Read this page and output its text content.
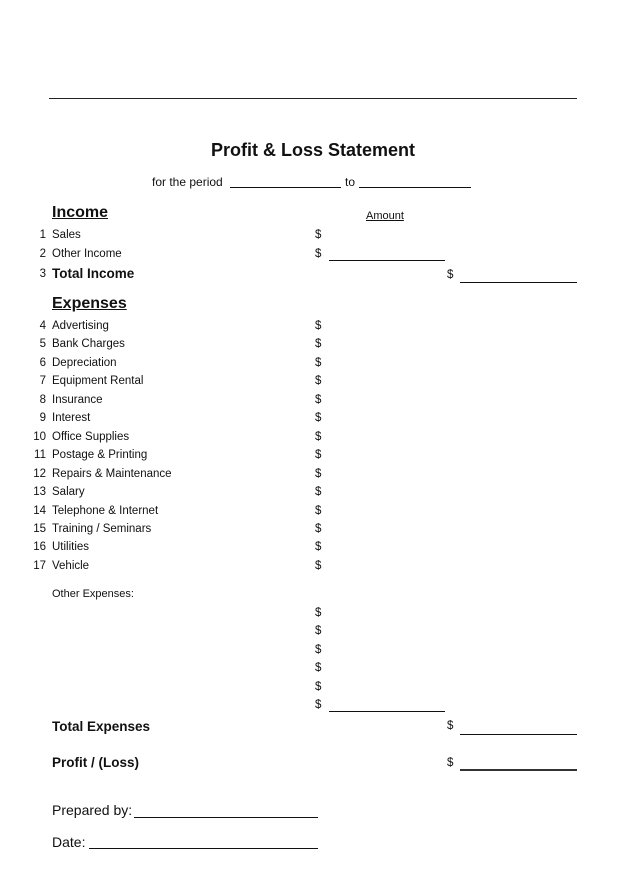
Profit & Loss Statement
for the period	to
Income	Amount
1 Sales	$
2 Other Income	$
3 Total Income	$
Expenses
4 Advertising	$
5 Bank Charges	$
6 Depreciation	$
7 Equipment Rental	$
8 Insurance	$
9 Interest	$
10 Office Supplies	$
11 Postage & Printing	$
12 Repairs & Maintenance	$
13 Salary	$
14 Telephone & Internet	$
15 Training / Seminars	$
16 Utilities	$
17 Vehicle	$
Other Expenses:
$
$
$
$
$
$
Total Expenses	$
Profit / (Loss)	$
Prepared by:
Date:
